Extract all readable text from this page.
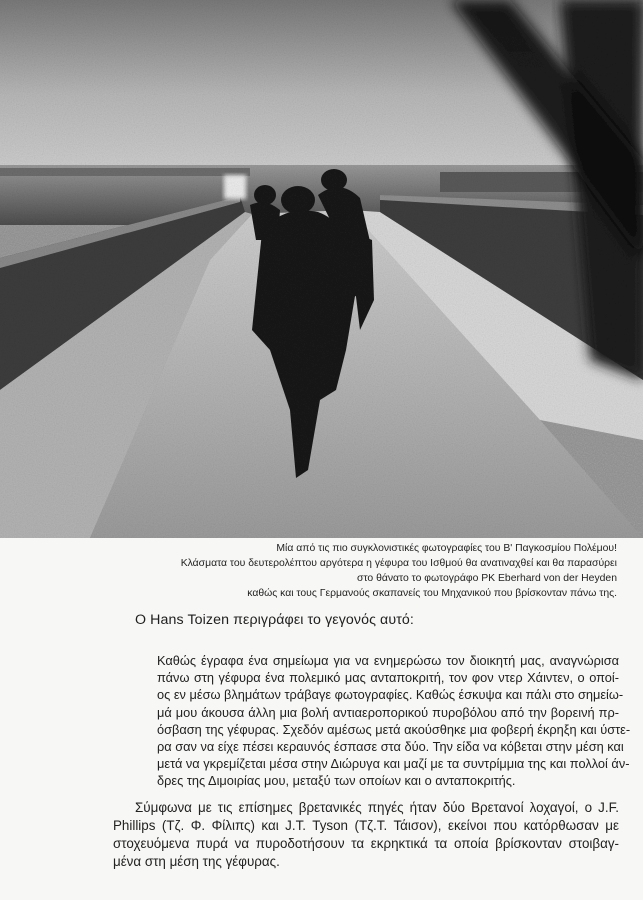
Μία από τις πιο συγκλονιστικές φωτογραφίες του Β' Παγκοσμίου Πολέμου!
Κλάσματα του δευτερολέπτου αργότερα η γέφυρα του Ισθμού θα ανατιναχθεί και θα παρασύρει
στο θάνατο το φωτογράφο PK Eberhard von der Heyden
καθώς και τους Γερμανούς σκαπανείς του Μηχανικού που βρίσκονταν πάνω της.
Ο Hans Toizen περιγράφει το γεγονός αυτό:
Καθώς έγραφα ένα σημείωμα για να ενημερώσω τον διοικητή μας, αναγνώρισα
πάνω στη γέφυρα ένα πολεμικό μας ανταποκριτή, τον φον ντερ Χάιντεν, ο οποί-
ος εν μέσω βλημάτων τράβαγε φωτογραφίες. Καθώς έσκυψα και πάλι στο σημείω-
μά μου άκουσα άλλη μια βολή αντιαεροπορικού πυροβόλου από την βορεινή πρ-
όσβαση της γέφυρας. Σχεδόν αμέσως μετά ακούσθηκε μια φοβερή έκρηξη και ύστε-
ρα σαν να είχε πέσει κεραυνός έσπασε στα δύο. Την είδα να κόβεται στην μέση και
μετά να γκρεμίζεται μέσα στην Διώρυγα και μαζί με τα συντρίμμια της και πολλοί άν-
δρες της Διμοιρίας μου, μεταξύ των οποίων και ο ανταποκριτής.
Σύμφωνα με τις επίσημες βρετανικές πηγές ήταν δύο Βρετανοί λοχαγοί, ο J.F.
Phillips (Τζ. Φ. Φίλιπς) και J.T. Tyson (Τζ.Τ. Τάισον), εκείνοι που κατόρθωσαν με
στοχευόμενα πυρά να πυροδοτήσουν τα εκρηκτικά τα οποία βρίσκονταν στοιβαγ-
μένα στη μέση της γέφυρας.
